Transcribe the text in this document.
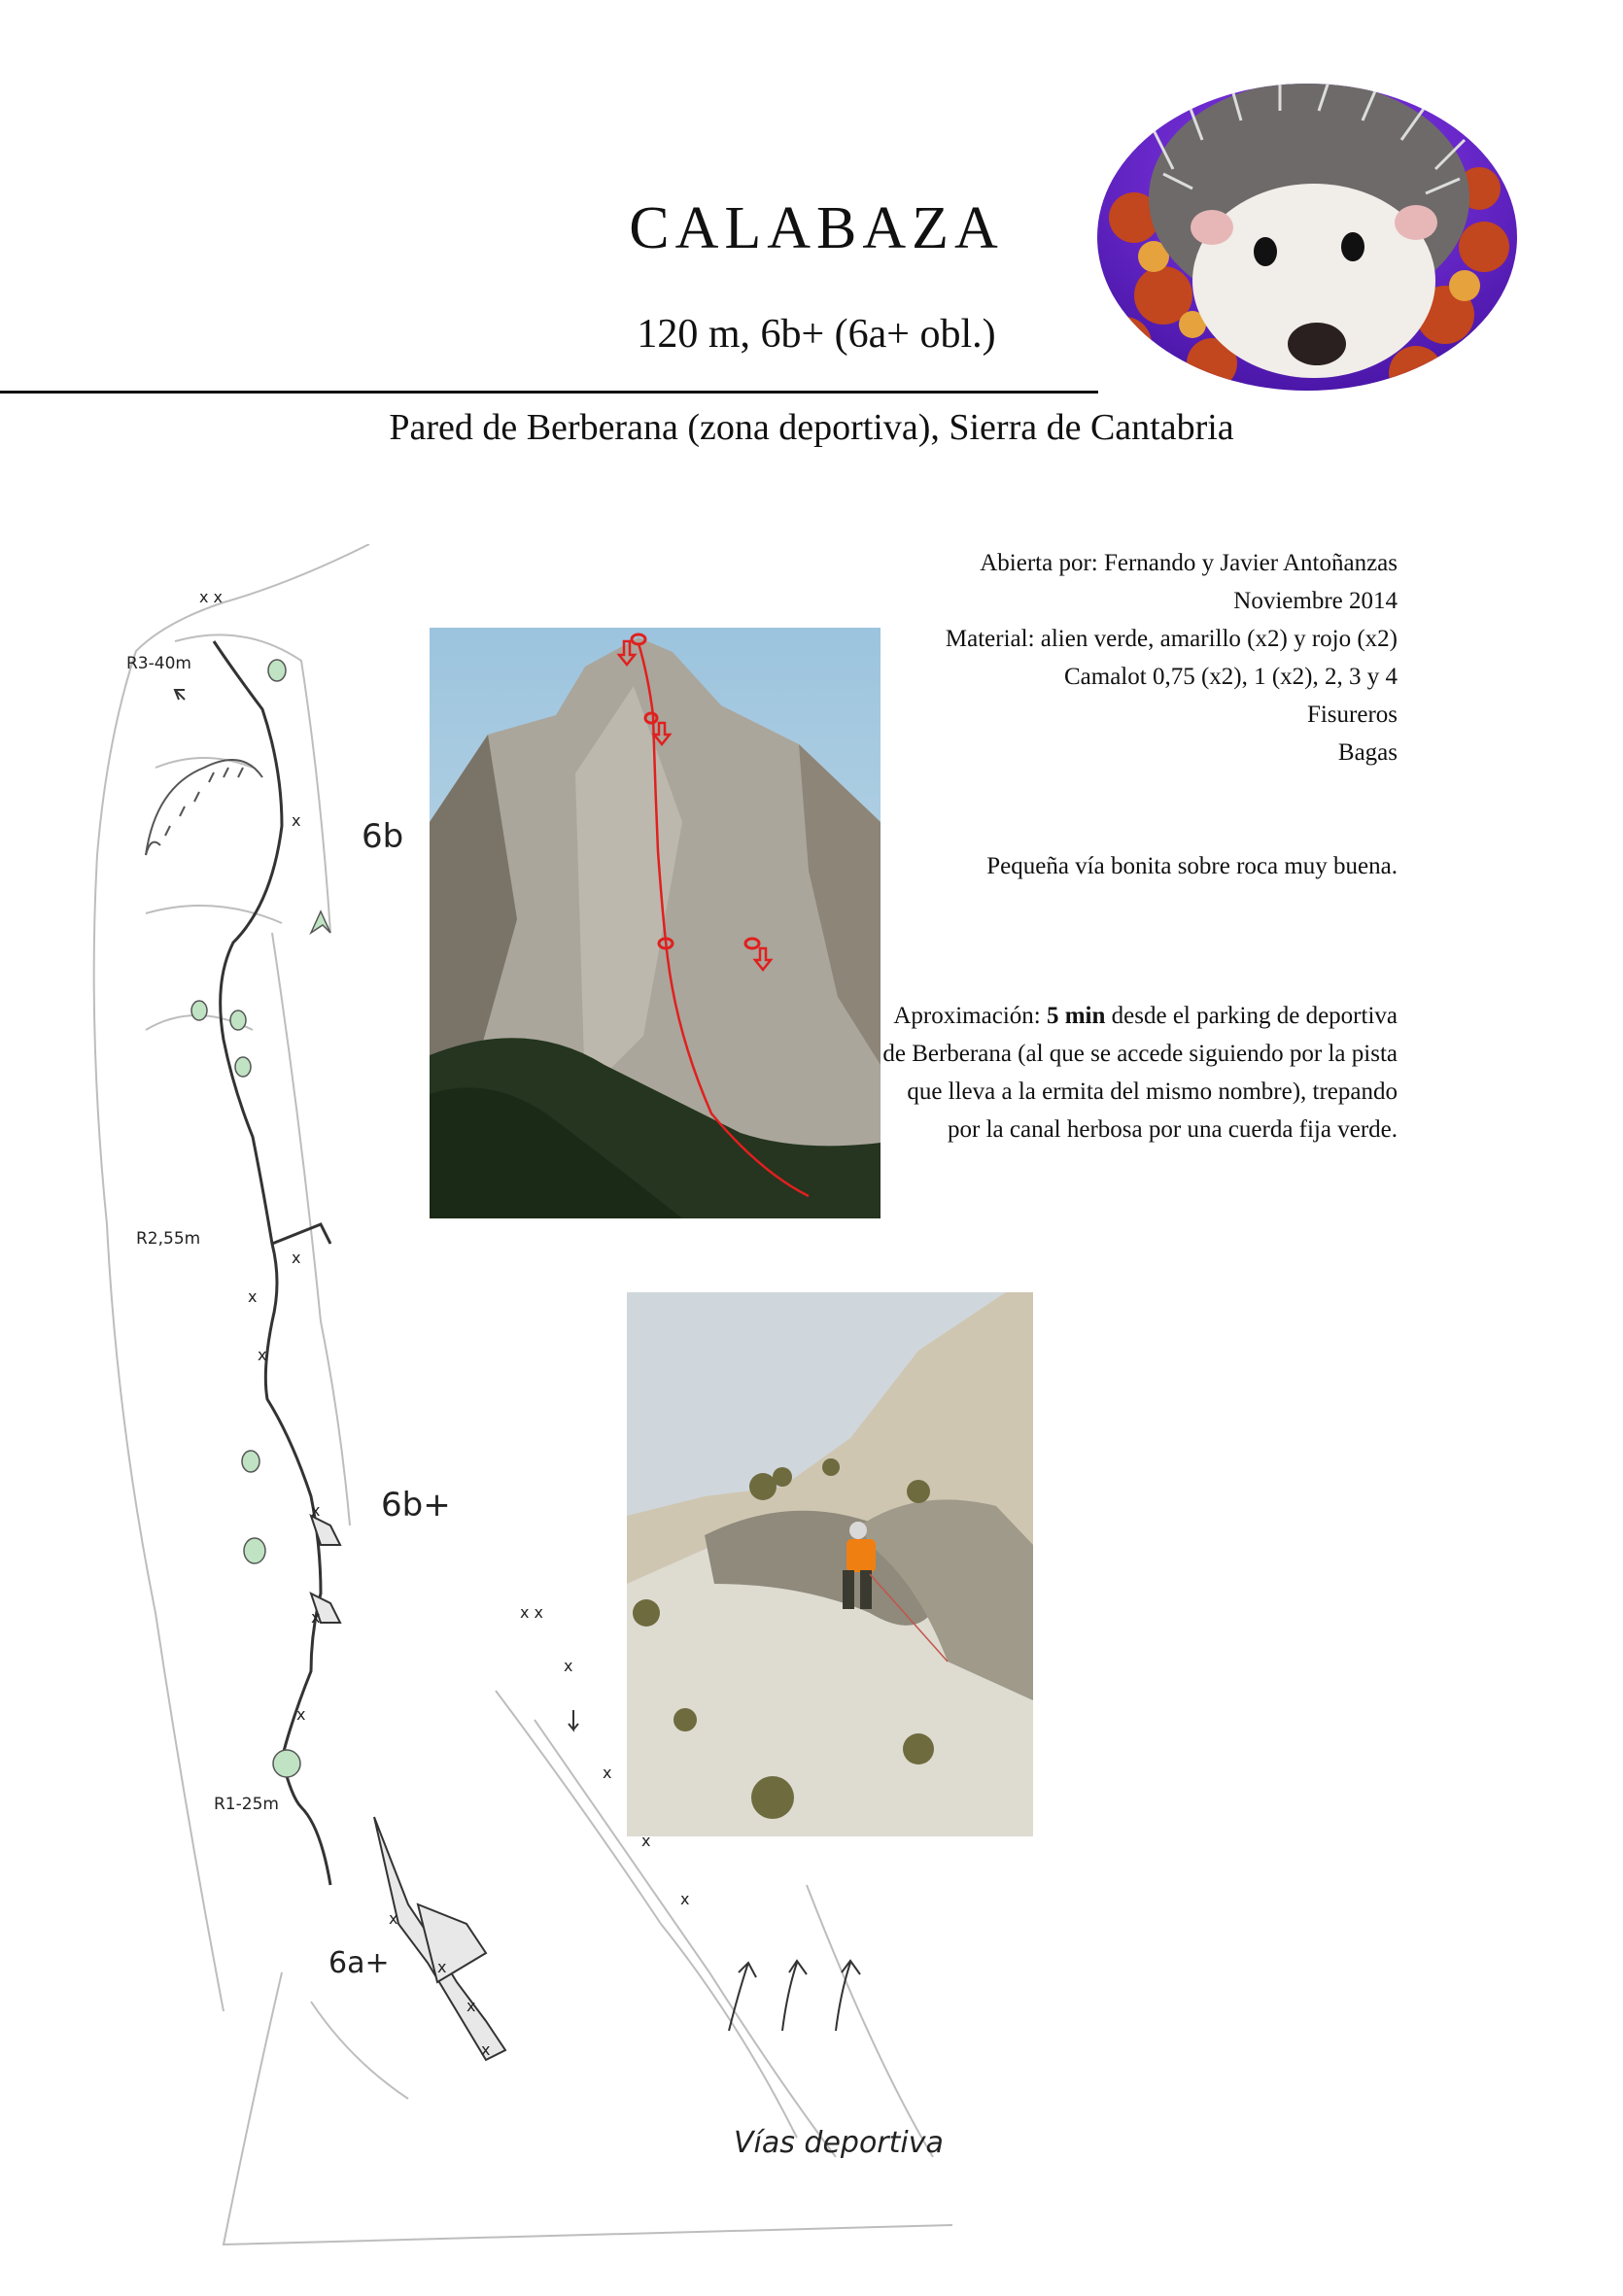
CALABAZA
120 m, 6b+ (6a+ obl.)
Pared de Berberana (zona deportiva), Sierra de Cantabria
Abierta por: Fernando y Javier Antoñanzas
Noviembre 2014
Material: alien verde, amarillo (x2) y rojo (x2)
Camalot 0,75 (x2), 1 (x2), 2, 3 y 4
Fisureros
Bagas
Pequeña vía bonita sobre roca muy buena.
Aproximación: 5 min desde el parking de deportiva de Berberana (al que se accede siguiendo por la pista que lleva a la ermita del mismo nombre), trepando por la canal herbosa por una cuerda fija verde.
x x
x
x
x
x
x
x
x
x
x
x
x
x x
x
x
x
x
6b
6b+
6a+
R3-40m
R2,55m
R1-25m
Vías deportiva
